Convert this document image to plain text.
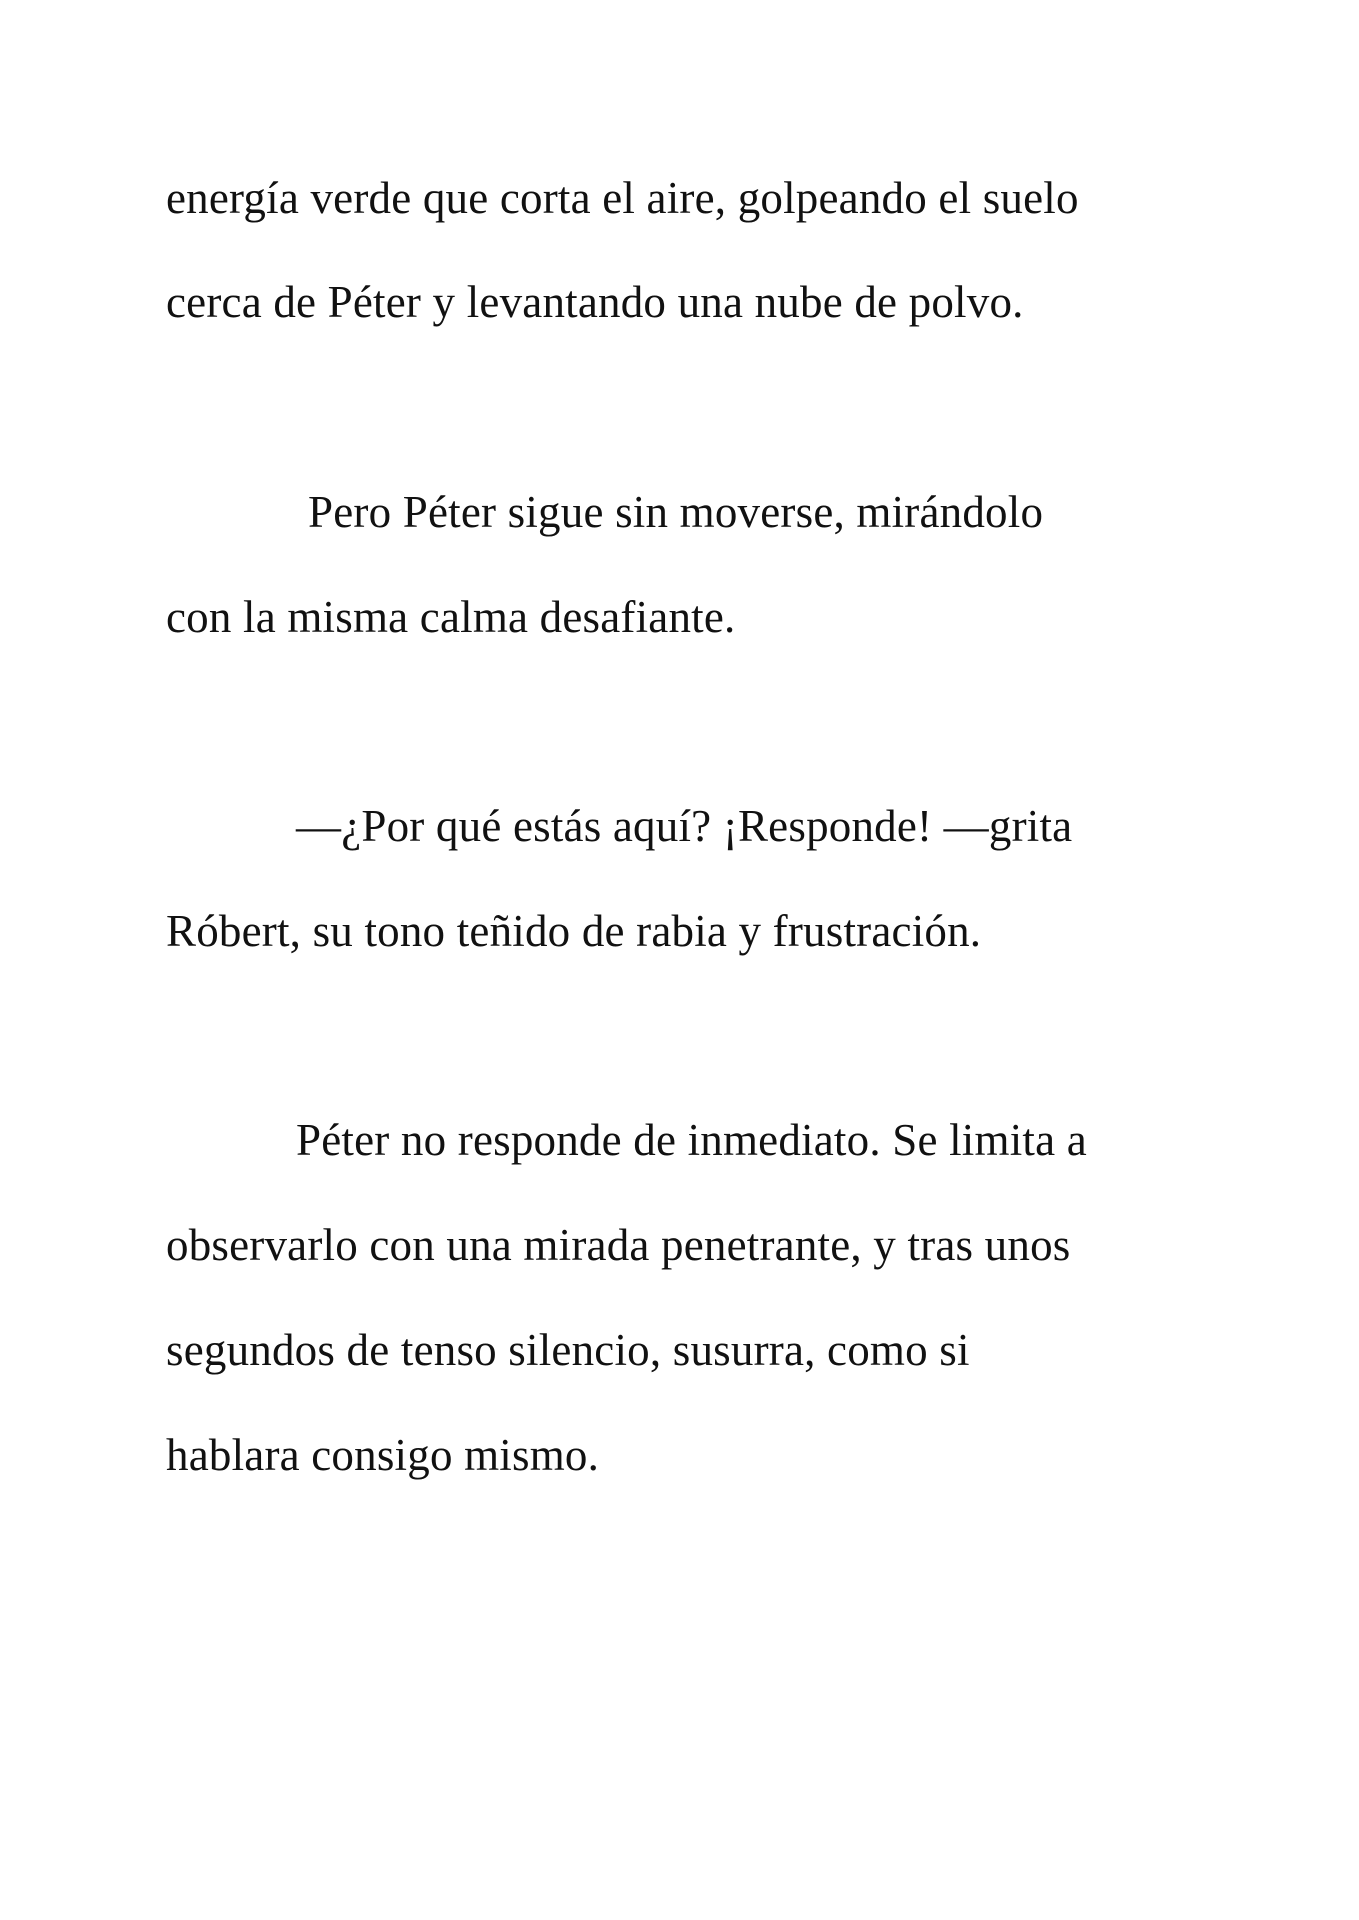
energía verde que corta el aire, golpeando el suelo
cerca de Péter y levantando una nube de polvo.
Pero Péter sigue sin moverse, mirándolo
con la misma calma desafiante.
—¿Por qué estás aquí? ¡Responde! —grita
Róbert, su tono teñido de rabia y frustración.
Péter no responde de inmediato. Se limita a
observarlo con una mirada penetrante, y tras unos
segundos de tenso silencio, susurra, como si
hablara consigo mismo.
